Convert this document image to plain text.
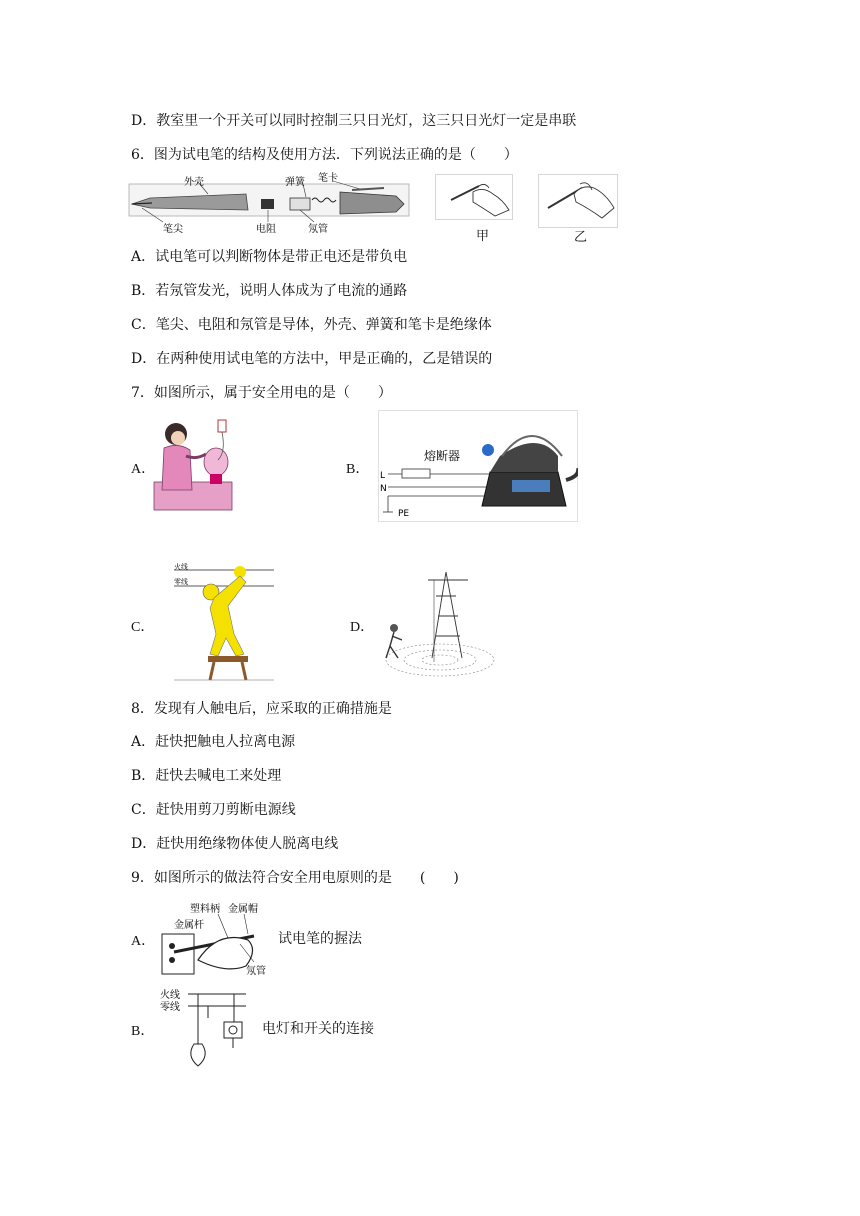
D．教室里一个开关可以同时控制三只日光灯，这三只日光灯一定是串联
6．图为试电笔的结构及使用方法．下列说法正确的是（　　）
外壳	弹簧 笔卡
笔尖	电阻	氖管	甲	乙
A．试电笔可以判断物体是带正电还是带负电
B．若氖管发光，说明人体成为了电流的通路
C．笔尖、电阻和氖管是导体，外壳、弹簧和笔卡是绝缘体
D．在两种使用试电笔的方法中，甲是正确的，乙是错误的
7．如图所示，属于安全用电的是（　　）
A．	B．
熔断器
L
N
PE
C．
火线
零线
D．
8．发现有人触电后，应采取的正确措施是
A．赶快把触电人拉离电源
B．赶快去喊电工来处理
C．赶快用剪刀剪断电源线
D．赶快用绝缘物体使人脱离电线
9．如图所示的做法符合安全用电原则的是　　(　　)
A．
塑料柄 金属帽
金属杆
氖管
试电笔的握法
B．
火线
零线
电灯和开关的连接
